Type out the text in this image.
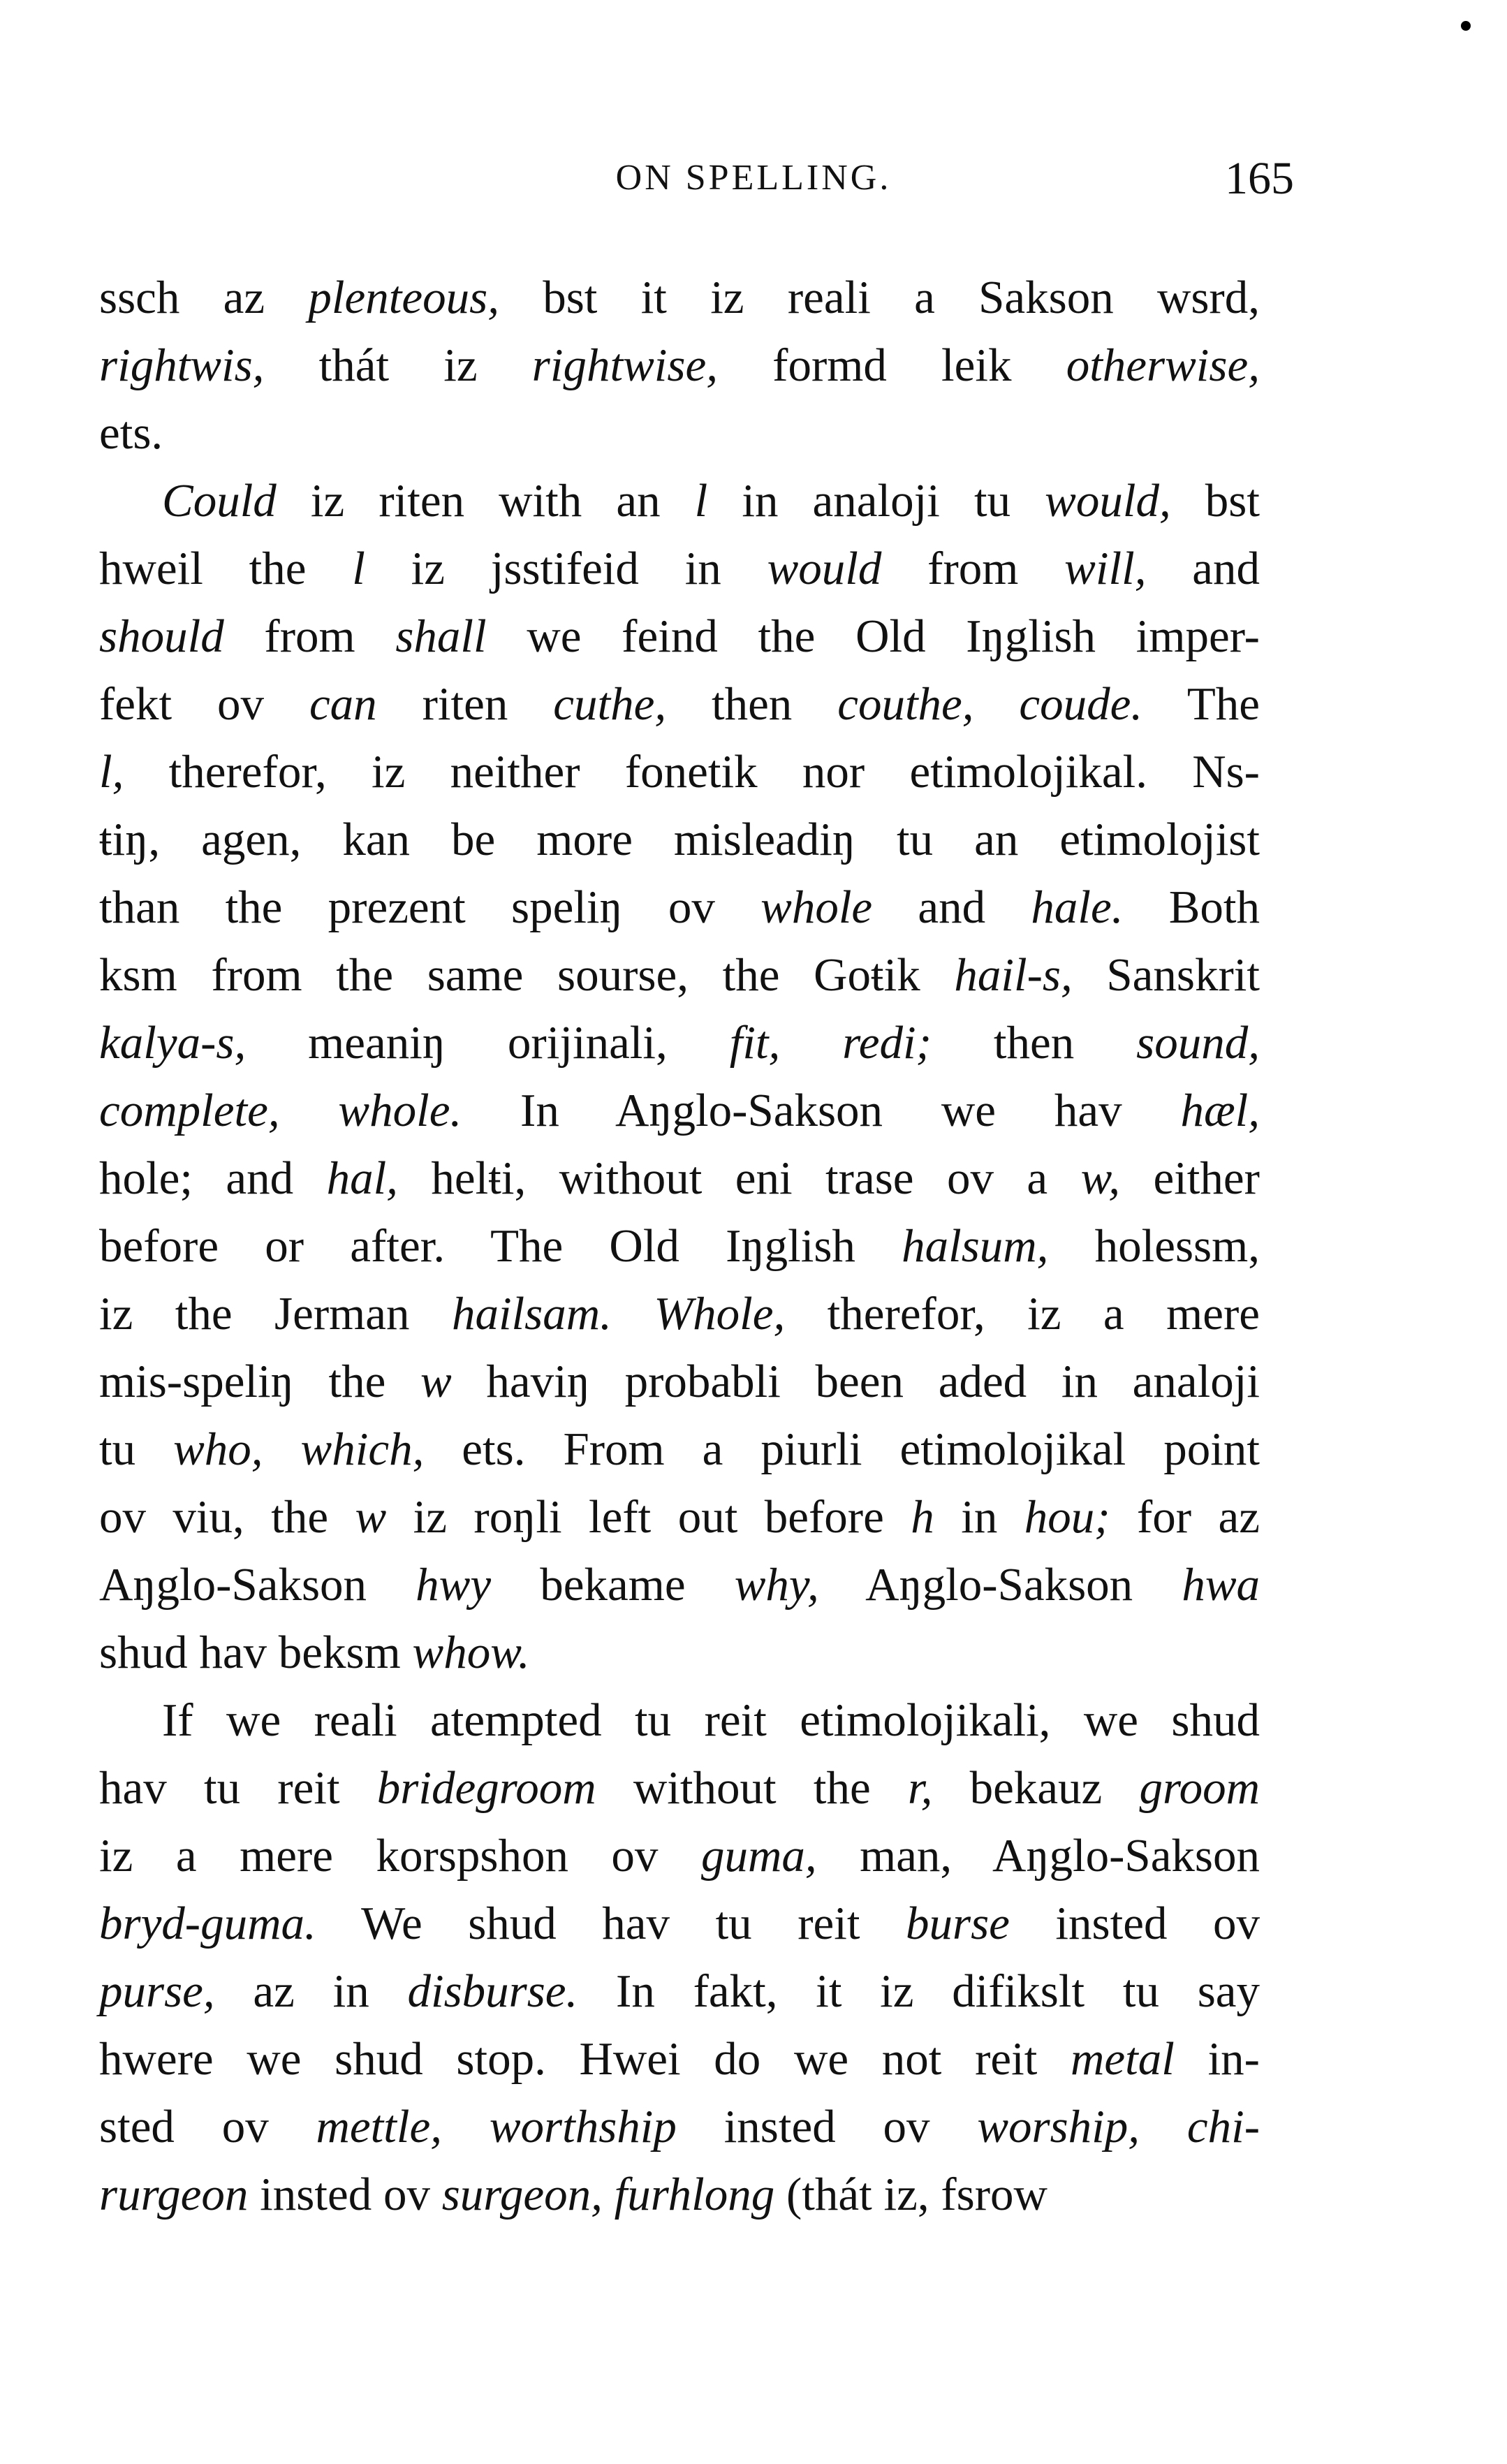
ON SPELLING.	165
ssch az plenteous, bst it iz reali a Sakson wsrd,
rightwis, thát iz rightwise, formd leik otherwise,
ets.
Could iz riten with an l in analoji tu would, bst
hweil the l iz jsstifeid in would from will, and
should from shall we feind the Old Iŋglish imper-
fekt ov can riten cuthe, then couthe, coude. The
l, therefor, iz neither fonetik nor etimolojikal. Ns-
ŧiŋ, agen, kan be more misleadiŋ tu an etimolojist
than the prezent speliŋ ov whole and hale. Both
ksm from the same sourse, the Goŧik hail-s, Sanskrit
kalya-s, meaniŋ orijinali, fit, redi; then sound,
complete, whole. In Aŋglo-Sakson we hav hæl,
hole; and hal, helŧi, without eni trase ov a w, either
before or after. The Old Iŋglish halsum, holessm,
iz the Jerman hailsam. Whole, therefor, iz a mere
mis-speliŋ the w haviŋ probabli been aded in analoji
tu who, which, ets. From a piurli etimolojikal point
ov viu, the w iz roŋli left out before h in hou; for az
Aŋglo-Sakson hwy bekame why, Aŋglo-Sakson hwa
shud hav beksm whow.
If we reali atempted tu reit etimolojikali, we shud
hav tu reit bridegroom without the r, bekauz groom
iz a mere korspshon ov guma, man, Aŋglo-Sakson
bryd-guma. We shud hav tu reit burse insted ov
purse, az in disburse. In fakt, it iz difikslt tu say
hwere we shud stop. Hwei do we not reit metal in-
sted ov mettle, worthship insted ov worship, chi-
rurgeon insted ov surgeon, furhlong (thát iz, fsrow
